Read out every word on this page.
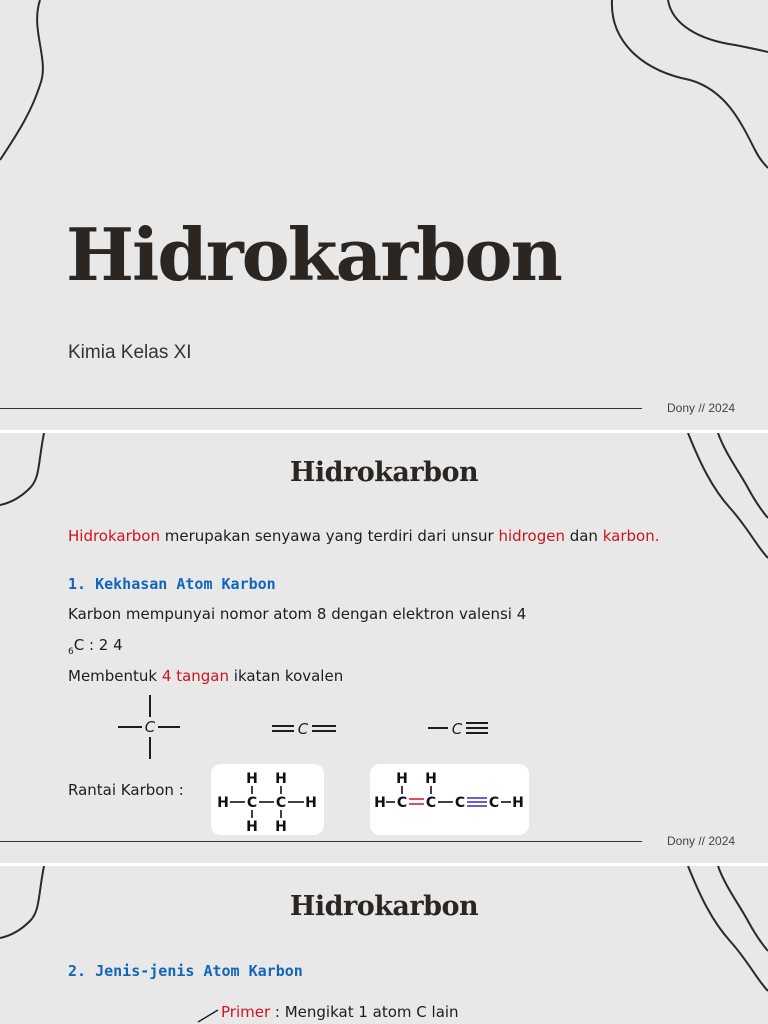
Hidrokarbon
Kimia Kelas XI
Dony // 2024
Hidrokarbon
Hidrokarbon merupakan senyawa yang terdiri dari unsur hidrogen dan karbon.
1. Kekhasan Atom Karbon
Karbon mempunyai nomor atom 8 dengan elektron valensi 4
$_6$C : 2 4
Membentuk 4 tangan ikatan kovalen
C	C	C
Rantai Karbon :
H H
H C C H
H H
H H
H C C C C H
Dony // 2024
Hidrokarbon
2. Jenis-jenis Atom Karbon
Primer : Mengikat 1 atom C lain
